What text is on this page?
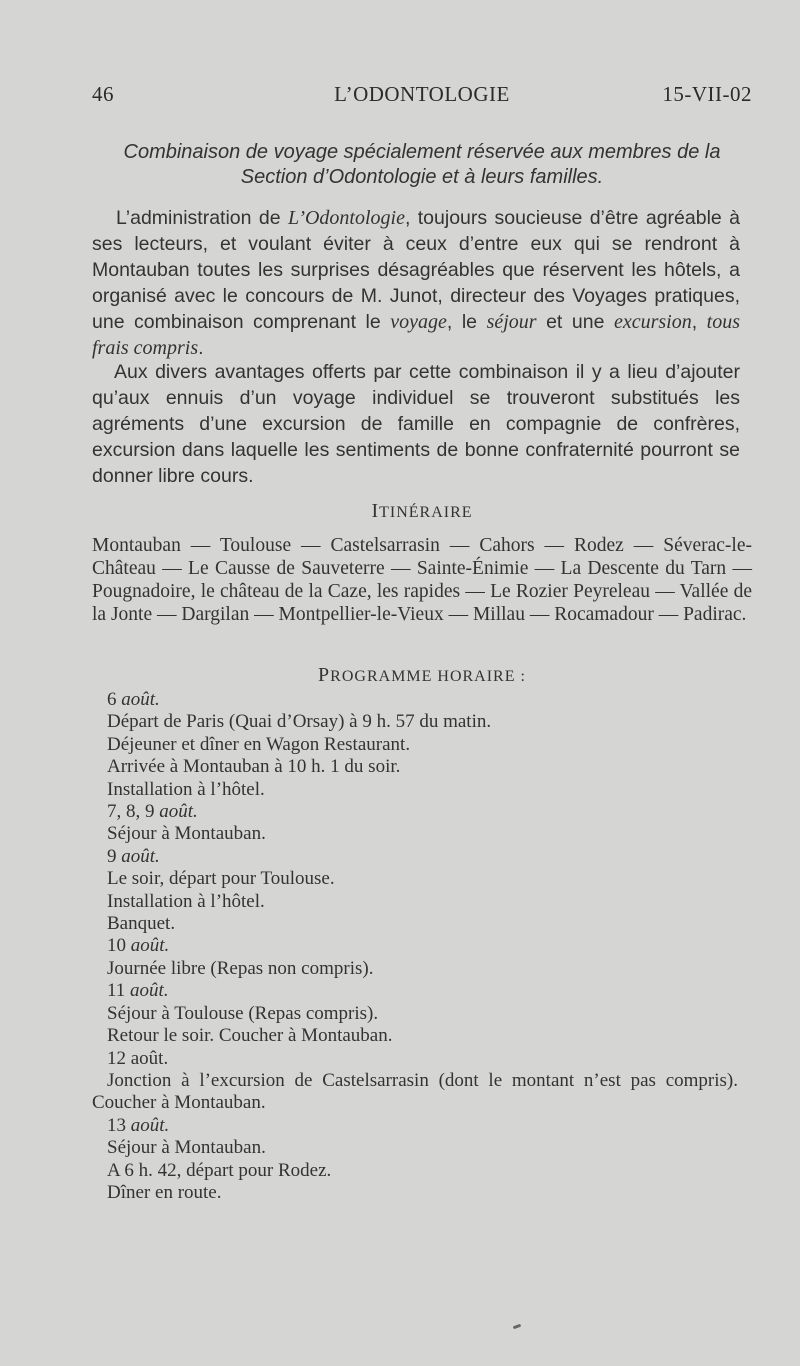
46	L’ODONTOLOGIE	15-VII-02
Combinaison de voyage spécialement réservée aux membres de la
Section d’Odontologie et à leurs familles.

L’administration de L’Odontologie, toujours soucieuse d’être agréable à ses lecteurs, et voulant éviter à ceux d’entre eux qui se rendront à Montauban toutes les surprises désagréables que réservent les hôtels, a organisé avec le concours de M. Junot, directeur des Voyages pratiques, une combinaison comprenant le voyage, le séjour et une excursion, tous frais compris.

Aux divers avantages offerts par cette combinaison il y a lieu d’ajouter qu’aux ennuis d’un voyage individuel se trouveront substitués les agréments d’une excursion de famille en compagnie de confrères, excursion dans laquelle les sentiments de bonne confraternité pourront se donner libre cours.

ITINÉRAIRE
Montauban — Toulouse — Castelsarrasin — Cahors — Rodez — Séverac-le-Château — Le Causse de Sauveterre — Sainte-Énimie — La Descente du Tarn — Pougnadoire, le château de la Caze, les rapides — Le Rozier Peyreleau — Vallée de la Jonte — Dargilan — Montpellier-le-Vieux — Millau — Rocamadour — Padirac.
PROGRAMME HORAIRE :
6 août.
Départ de Paris (Quai d’Orsay) à 9 h. 57 du matin.
Déjeuner et dîner en Wagon Restaurant.
Arrivée à Montauban à 10 h. 1 du soir.
Installation à l’hôtel.
7, 8, 9 août.
Séjour à Montauban.
9 août.
Le soir, départ pour Toulouse.
Installation à l’hôtel.
Banquet.
10 août.
Journée libre (Repas non compris).
11 août.
Séjour à Toulouse (Repas compris).
Retour le soir. Coucher à Montauban.
12 août.
Jonction à l’excursion de Castelsarrasin (dont le montant n’est pas compris). Coucher à Montauban.
13 août.
Séjour à Montauban.
A 6 h. 42, départ pour Rodez.
Dîner en route.
